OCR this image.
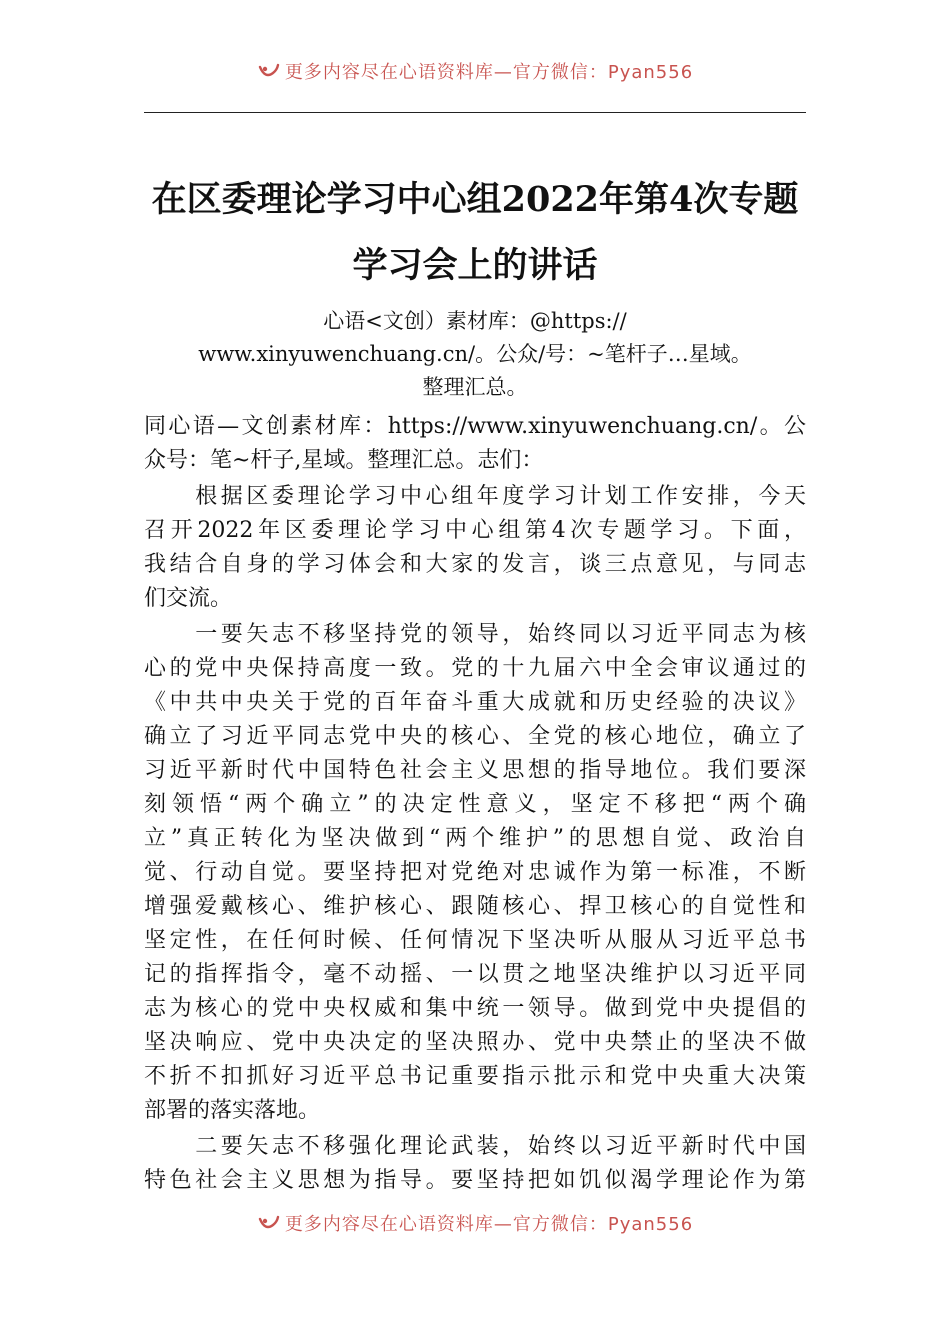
更多内容尽在心语资料库—官方微信：Pyan556
在区委理论学习中心组2022年第4次专题
学习会上的讲话
心语<文创）素材库：@https://
www.xinyuwenchuang.cn/。公众/号：~笔杆子…星域。
整理汇总。
同心语—文创素材库：https://www.xinyuwenchuang.cn/。公
众号：笔~杆子,星域。整理汇总。志们：
　　根据区委理论学习中心组年度学习计划工作安排，今天
召开2022年区委理论学习中心组第4次专题学习。下面，
我结合自身的学习体会和大家的发言，谈三点意见，与同志
们交流。
　　一要矢志不移坚持党的领导，始终同以习近平同志为核
心的党中央保持高度一致。党的十九届六中全会审议通过的
《中共中央关于党的百年奋斗重大成就和历史经验的决议》
确立了习近平同志党中央的核心、全党的核心地位，确立了
习近平新时代中国特色社会主义思想的指导地位。我们要深
刻领悟“两个确立”的决定性意义，坚定不移把“两个确
立”真正转化为坚决做到“两个维护”的思想自觉、政治自
觉、行动自觉。要坚持把对党绝对忠诚作为第一标准，不断
增强爱戴核心、维护核心、跟随核心、捍卫核心的自觉性和
坚定性，在任何时候、任何情况下坚决听从服从习近平总书
记的指挥指令，毫不动摇、一以贯之地坚决维护以习近平同
志为核心的党中央权威和集中统一领导。做到党中央提倡的
坚决响应、党中央决定的坚决照办、党中央禁止的坚决不做
不折不扣抓好习近平总书记重要指示批示和党中央重大决策
部署的落实落地。
　　二要矢志不移强化理论武装，始终以习近平新时代中国
特色社会主义思想为指导。要坚持把如饥似渴学理论作为第
更多内容尽在心语资料库—官方微信：Pyan556
